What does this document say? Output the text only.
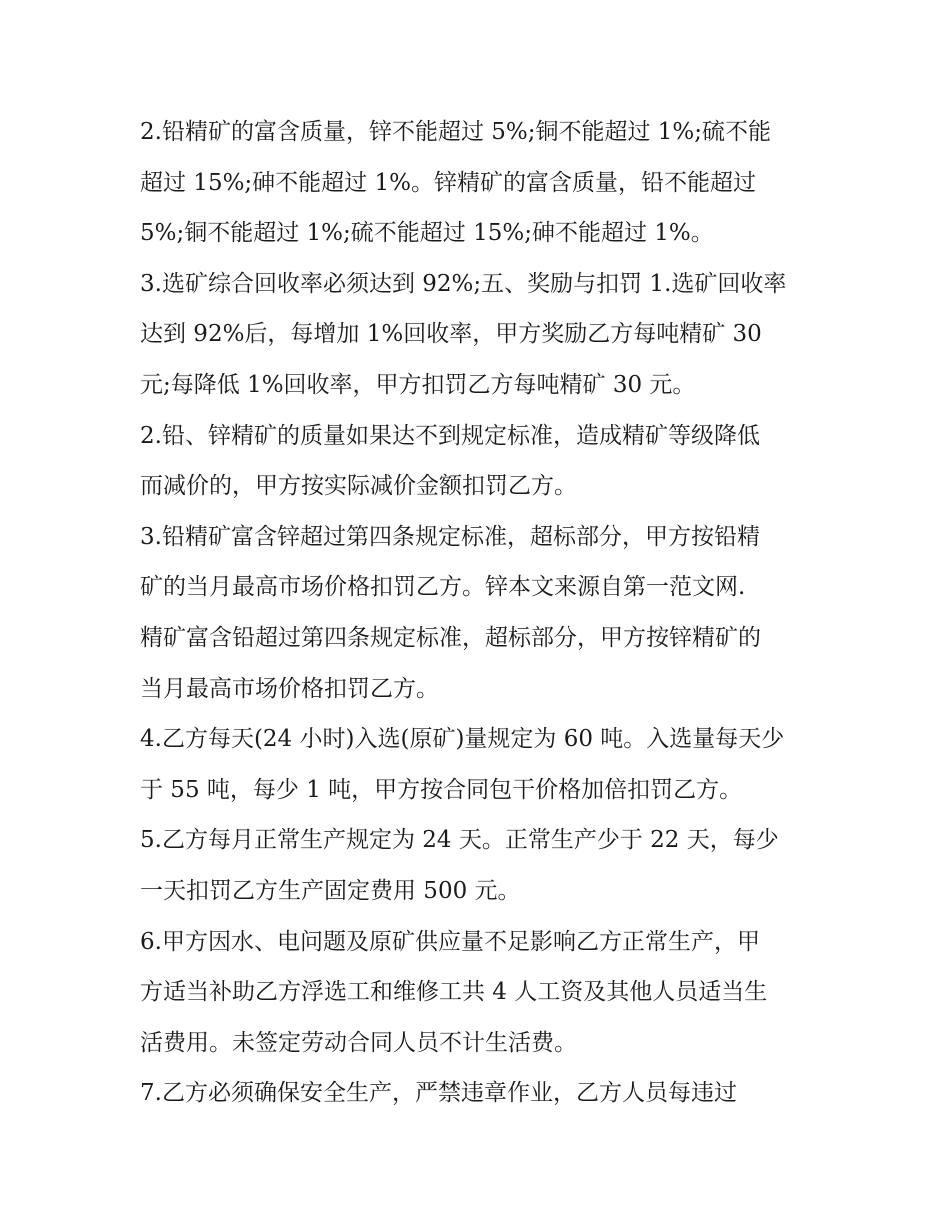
2.铅精矿的富含质量，锌不能超过 5%;铜不能超过 1%;硫不能
超过 15%;砷不能超过 1%。锌精矿的富含质量，铅不能超过
5%;铜不能超过 1%;硫不能超过 15%;砷不能超过 1%。
3.选矿综合回收率必须达到 92%;五、奖励与扣罚 1.选矿回收率
达到 92%后，每增加 1%回收率，甲方奖励乙方每吨精矿 30
元;每降低 1%回收率，甲方扣罚乙方每吨精矿 30 元。
2.铅、锌精矿的质量如果达不到规定标准，造成精矿等级降低
而减价的，甲方按实际减价金额扣罚乙方。
3.铅精矿富含锌超过第四条规定标准，超标部分，甲方按铅精
矿的当月最高市场价格扣罚乙方。锌本文来源自第一范文网.
精矿富含铅超过第四条规定标准，超标部分，甲方按锌精矿的
当月最高市场价格扣罚乙方。
4.乙方每天(24 小时)入选(原矿)量规定为 60 吨。入选量每天少
于 55 吨，每少 1 吨，甲方按合同包干价格加倍扣罚乙方。
5.乙方每月正常生产规定为 24 天。正常生产少于 22 天，每少
一天扣罚乙方生产固定费用 500 元。
6.甲方因水、电问题及原矿供应量不足影响乙方正常生产，甲
方适当补助乙方浮选工和维修工共 4 人工资及其他人员适当生
活费用。未签定劳动合同人员不计生活费。
7.乙方必须确保安全生产，严禁违章作业，乙方人员每违过
